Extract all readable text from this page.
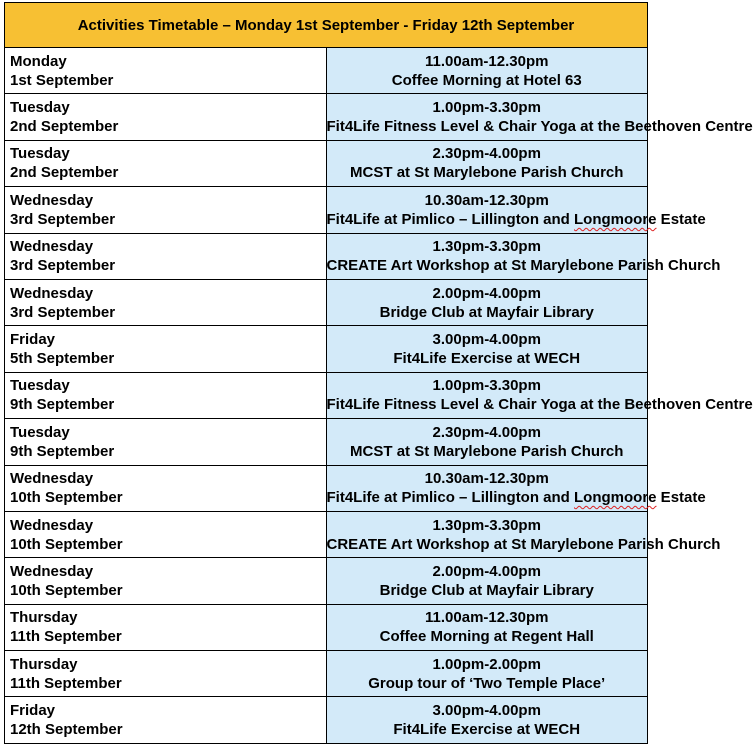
Activities Timetable – Monday 1st September - Friday 12th September	

Monday
1st September	11.00am-12.30pm
Coffee Morning at Hotel 63

Tuesday
2nd September	1.00pm-3.30pm
Fit4Life Fitness Level & Chair Yoga at the Beethoven Centre

Tuesday
2nd September	2.30pm-4.00pm
MCST at St Marylebone Parish Church

Wednesday
3rd September	10.30am-12.30pm
Fit4Life at Pimlico – Lillington and Longmoore Estate

Wednesday
3rd September	1.30pm-3.30pm
CREATE Art Workshop at St Marylebone Parish Church

Wednesday
3rd September	2.00pm-4.00pm
Bridge Club at Mayfair Library

Friday
5th September	3.00pm-4.00pm
Fit4Life Exercise at WECH

Tuesday
9th September	1.00pm-3.30pm
Fit4Life Fitness Level & Chair Yoga at the Beethoven Centre

Tuesday
9th September	2.30pm-4.00pm
MCST at St Marylebone Parish Church

Wednesday
10th September	10.30am-12.30pm
Fit4Life at Pimlico – Lillington and Longmoore Estate

Wednesday
10th September	1.30pm-3.30pm
CREATE Art Workshop at St Marylebone Parish Church

Wednesday
10th September	2.00pm-4.00pm
Bridge Club at Mayfair Library

Thursday
11th September	11.00am-12.30pm
Coffee Morning at Regent Hall

Thursday
11th September	1.00pm-2.00pm
Group tour of ‘Two Temple Place’

Friday
12th September	3.00pm-4.00pm
Fit4Life Exercise at WECH
